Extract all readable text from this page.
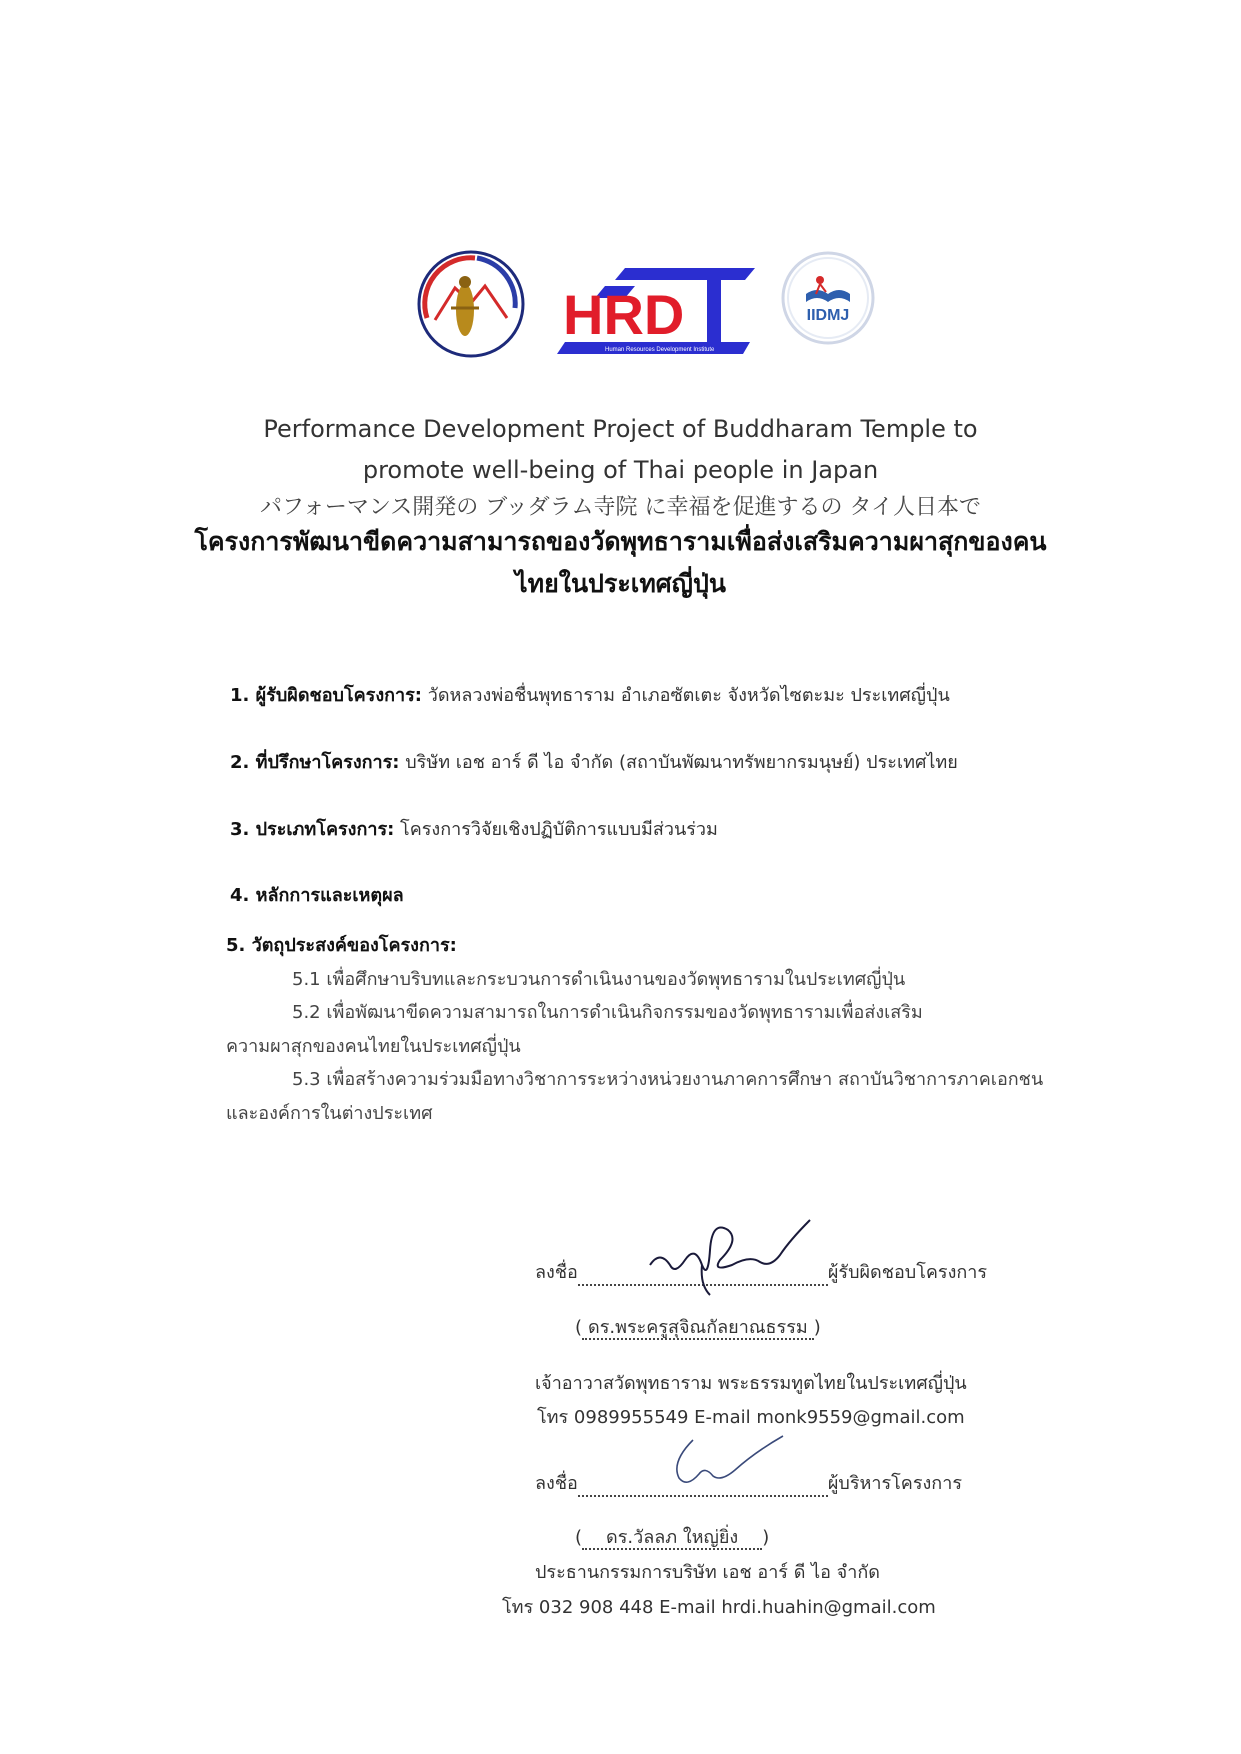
HRD
Human Resources Development Institute
IIDMJ
Performance Development Project of Buddharam Temple to
promote well-being of Thai people in Japan
パフォーマンス開発の ブッダラム寺院 に幸福を促進するの タイ人日本で
โครงการพัฒนาขีดความสามารถของวัดพุทธารามเพื่อส่งเสริมความผาสุกของคน
ไทยในประเทศญี่ปุ่น
1. ผู้รับผิดชอบโครงการ: วัดหลวงพ่อชื่นพุทธาราม อำเภอซัตเตะ จังหวัดไซตะมะ ประเทศญี่ปุ่น
2. ที่ปรึกษาโครงการ: บริษัท เอช อาร์ ดี ไอ จำกัด (สถาบันพัฒนาทรัพยากรมนุษย์) ประเทศไทย
3. ประเภทโครงการ: โครงการวิจัยเชิงปฏิบัติการแบบมีส่วนร่วม
4. หลักการและเหตุผล
5. วัตถุประสงค์ของโครงการ:
5.1 เพื่อศึกษาบริบทและกระบวนการดำเนินงานของวัดพุทธารามในประเทศญี่ปุ่น
5.2 เพื่อพัฒนาขีดความสามารถในการดำเนินกิจกรรมของวัดพุทธารามเพื่อส่งเสริม
ความผาสุกของคนไทยในประเทศญี่ปุ่น
5.3 เพื่อสร้างความร่วมมือทางวิชาการระหว่างหน่วยงานภาคการศึกษา สถาบันวิชาการภาคเอกชน
และองค์การในต่างประเทศ
ลงชื่อ	ผู้รับผิดชอบโครงการ
( ดร.พระครูสุจิณกัลยาณธรรม )
เจ้าอาวาสวัดพุทธาราม พระธรรมทูตไทยในประเทศญี่ปุ่น
โทร 0989955549 E-mail monk9559@gmail.com
ลงชื่อ	ผู้บริหารโครงการ
( ดร.วัลลภ ใหญ่ยิ่ง )
ประธานกรรมการบริษัท เอช อาร์ ดี ไอ จำกัด
โทร 032 908 448 E-mail hrdi.huahin@gmail.com
